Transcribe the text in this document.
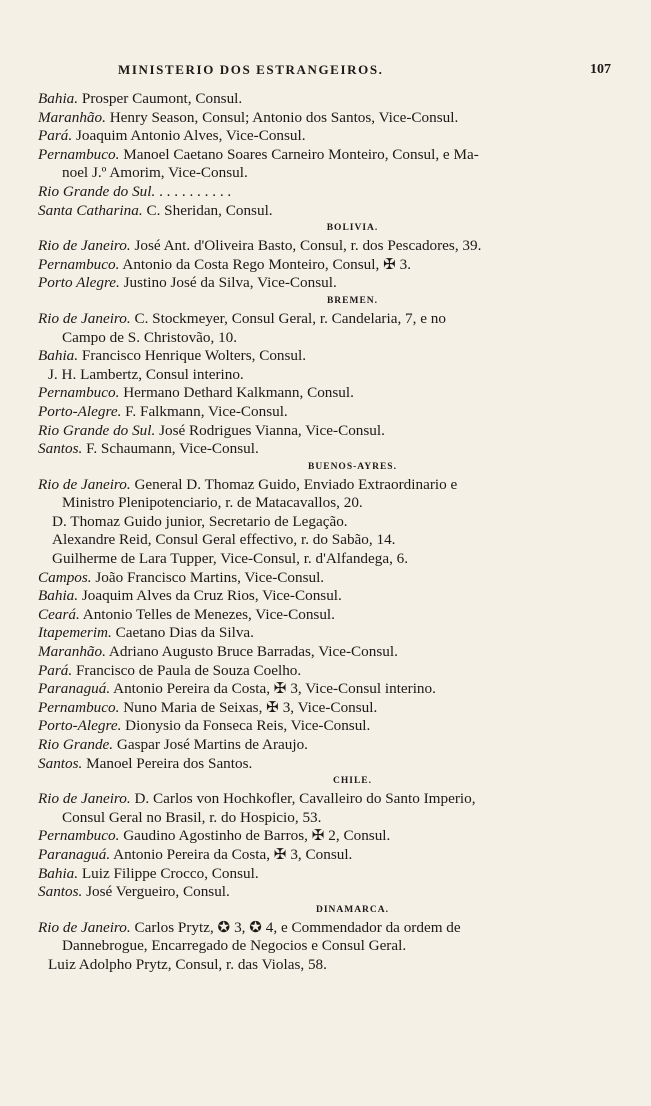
MINISTERIO DOS ESTRANGEIROS.	107
Bahia. Prosper Caumont, Consul.
Maranhão. Henry Season, Consul; Antonio dos Santos, Vice-Consul.
Pará. Joaquim Antonio Alves, Vice-Consul.
Pernambuco. Manoel Caetano Soares Carneiro Monteiro, Consul, e Ma-
noel J.º Amorim, Vice-Consul.
Rio Grande do Sul. . . . . . . . . . .
Santa Catharina. C. Sheridan, Consul.
BOLIVIA.
Rio de Janeiro. José Ant. d'Oliveira Basto, Consul, r. dos Pescadores, 39.
Pernambuco. Antonio da Costa Rego Monteiro, Consul, ✠ 3.
Porto Alegre. Justino José da Silva, Vice-Consul.
BREMEN.
Rio de Janeiro. C. Stockmeyer, Consul Geral, r. Candelaria, 7, e no
Campo de S. Christovão, 10.
Bahia. Francisco Henrique Wolters, Consul.
J. H. Lambertz, Consul interino.
Pernambuco. Hermano Dethard Kalkmann, Consul.
Porto-Alegre. F. Falkmann, Vice-Consul.
Rio Grande do Sul. José Rodrigues Vianna, Vice-Consul.
Santos. F. Schaumann, Vice-Consul.
BUENOS-AYRES.
Rio de Janeiro. General D. Thomaz Guido, Enviado Extraordinario e
Ministro Plenipotenciario, r. de Matacavallos, 20.
D. Thomaz Guido junior, Secretario de Legação.
Alexandre Reid, Consul Geral effectivo, r. do Sabão, 14.
Guilherme de Lara Tupper, Vice-Consul, r. d'Alfandega, 6.
Campos. João Francisco Martins, Vice-Consul.
Bahia. Joaquim Alves da Cruz Rios, Vice-Consul.
Ceará. Antonio Telles de Menezes, Vice-Consul.
Itapemerim. Caetano Dias da Silva.
Maranhão. Adriano Augusto Bruce Barradas, Vice-Consul.
Pará. Francisco de Paula de Souza Coelho.
Paranaguá. Antonio Pereira da Costa, ✠ 3, Vice-Consul interino.
Pernambuco. Nuno Maria de Seixas, ✠ 3, Vice-Consul.
Porto-Alegre. Dionysio da Fonseca Reis, Vice-Consul.
Rio Grande. Gaspar José Martins de Araujo.
Santos. Manoel Pereira dos Santos.
CHILE.
Rio de Janeiro. D. Carlos von Hochkofler, Cavalleiro do Santo Imperio,
Consul Geral no Brasil, r. do Hospicio, 53.
Pernambuco. Gaudino Agostinho de Barros, ✠ 2, Consul.
Paranaguá. Antonio Pereira da Costa, ✠ 3, Consul.
Bahia. Luiz Filippe Crocco, Consul.
Santos. José Vergueiro, Consul.
DINAMARCA.
Rio de Janeiro. Carlos Prytz, ✪ 3, ✪ 4, e Commendador da ordem de
Dannebrogue, Encarregado de Negocios e Consul Geral.
Luiz Adolpho Prytz, Consul, r. das Violas, 58.
